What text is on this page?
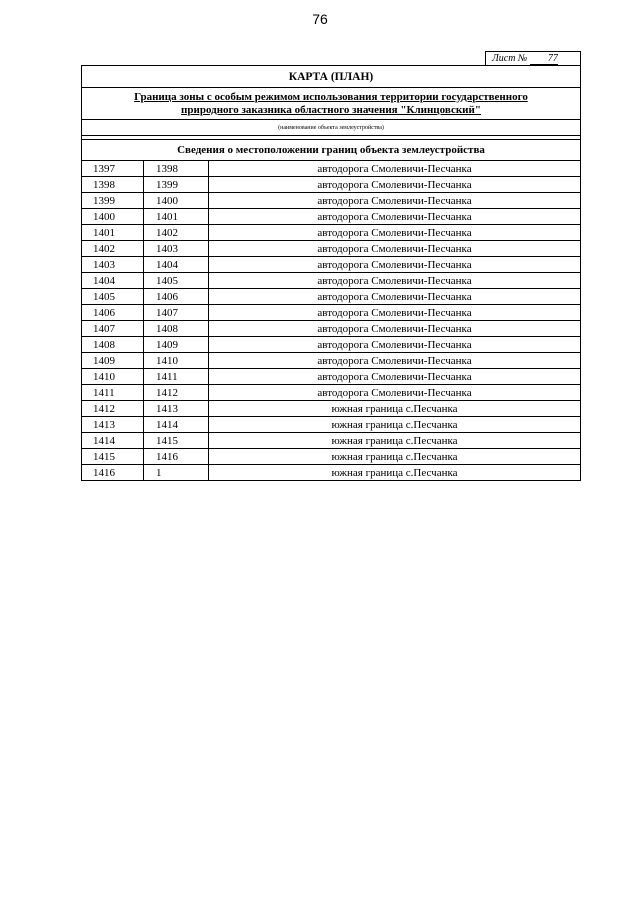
76
Лист № 77
КАРТА (ПЛАН)
Граница зоны с особым режимом использования территории государственного
природного заказника областного значения "Клинцовский"
(наименование объекта землеустройства)
Сведения о местоположении границ объекта землеустройства
1397	1398	автодорога Смолевичи-Песчанка
1398	1399	автодорога Смолевичи-Песчанка
1399	1400	автодорога Смолевичи-Песчанка
1400	1401	автодорога Смолевичи-Песчанка
1401	1402	автодорога Смолевичи-Песчанка
1402	1403	автодорога Смолевичи-Песчанка
1403	1404	автодорога Смолевичи-Песчанка
1404	1405	автодорога Смолевичи-Песчанка
1405	1406	автодорога Смолевичи-Песчанка
1406	1407	автодорога Смолевичи-Песчанка
1407	1408	автодорога Смолевичи-Песчанка
1408	1409	автодорога Смолевичи-Песчанка
1409	1410	автодорога Смолевичи-Песчанка
1410	1411	автодорога Смолевичи-Песчанка
1411	1412	автодорога Смолевичи-Песчанка
1412	1413	южная граница с.Песчанка
1413	1414	южная граница с.Песчанка
1414	1415	южная граница с.Песчанка
1415	1416	южная граница с.Песчанка
1416	1	южная граница с.Песчанка
